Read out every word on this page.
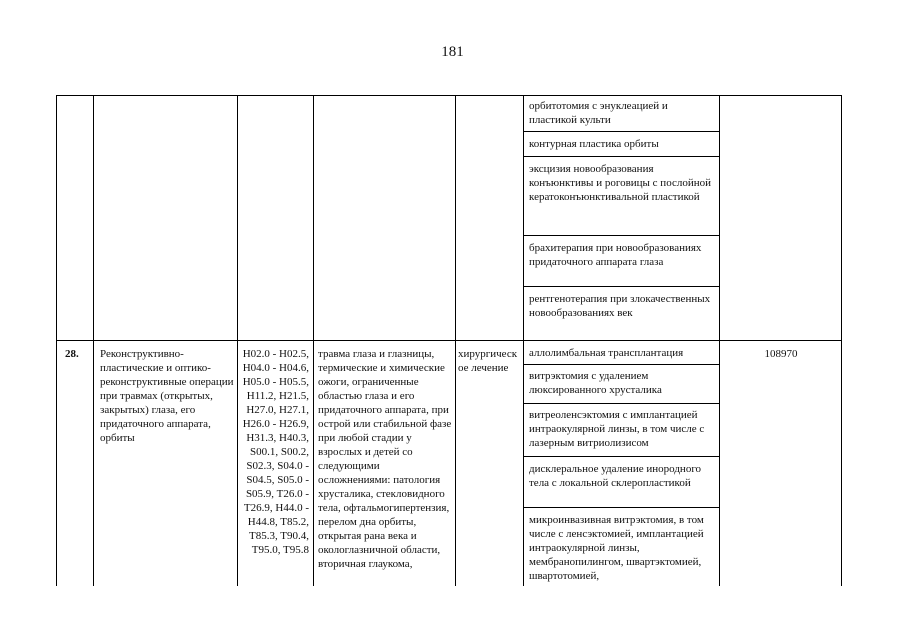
181
орбитотомия с энуклеацией и пластикой культи
контурная пластика орбиты
эксцизия новообразования конъюнктивы и роговицы с послойной кератоконъюнктивальной пластикой
брахитерапия при новообразованиях придаточного аппарата глаза
рентгенотерапия при злокачественных новообразованиях век
28.	Реконструктивно-пластические и оптико-реконструктивные операции при травмах (открытых, закрытых) глаза, его придаточного аппарата, орбиты
H02.0 - H02.5, H04.0 - H04.6, H05.0 - H05.5, H11.2, H21.5, H27.0, H27.1, H26.0 - H26.9, H31.3, H40.3, S00.1, S00.2, S02.3, S04.0 - S04.5, S05.0 - S05.9, T26.0 - T26.9, H44.0 - H44.8, T85.2, T85.3, T90.4, T95.0, T95.8
травма глаза и глазницы, термические и химические ожоги, ограниченные областью глаза и его придаточного аппарата, при острой или стабильной фазе при любой стадии у взрослых и детей со следующими осложнениями: патология хрусталика, стекловидного тела, офтальмогипертензия, перелом дна орбиты, открытая рана века и окологлазничной области, вторичная глаукома,
хирургическое лечение
аллолимбальная трансплантация
витрэктомия с удалением люксированного хрусталика
витреоленсэктомия с имплантацией интраокулярной линзы, в том числе с лазерным витриолизисом
дисклеральное удаление инородного тела с локальной склеропластикой
микроинвазивная витрэктомия, в том числе с ленсэктомией, имплантацией интраокулярной линзы, мембранопилингом, швартэктомией, швартотомией,
108970
